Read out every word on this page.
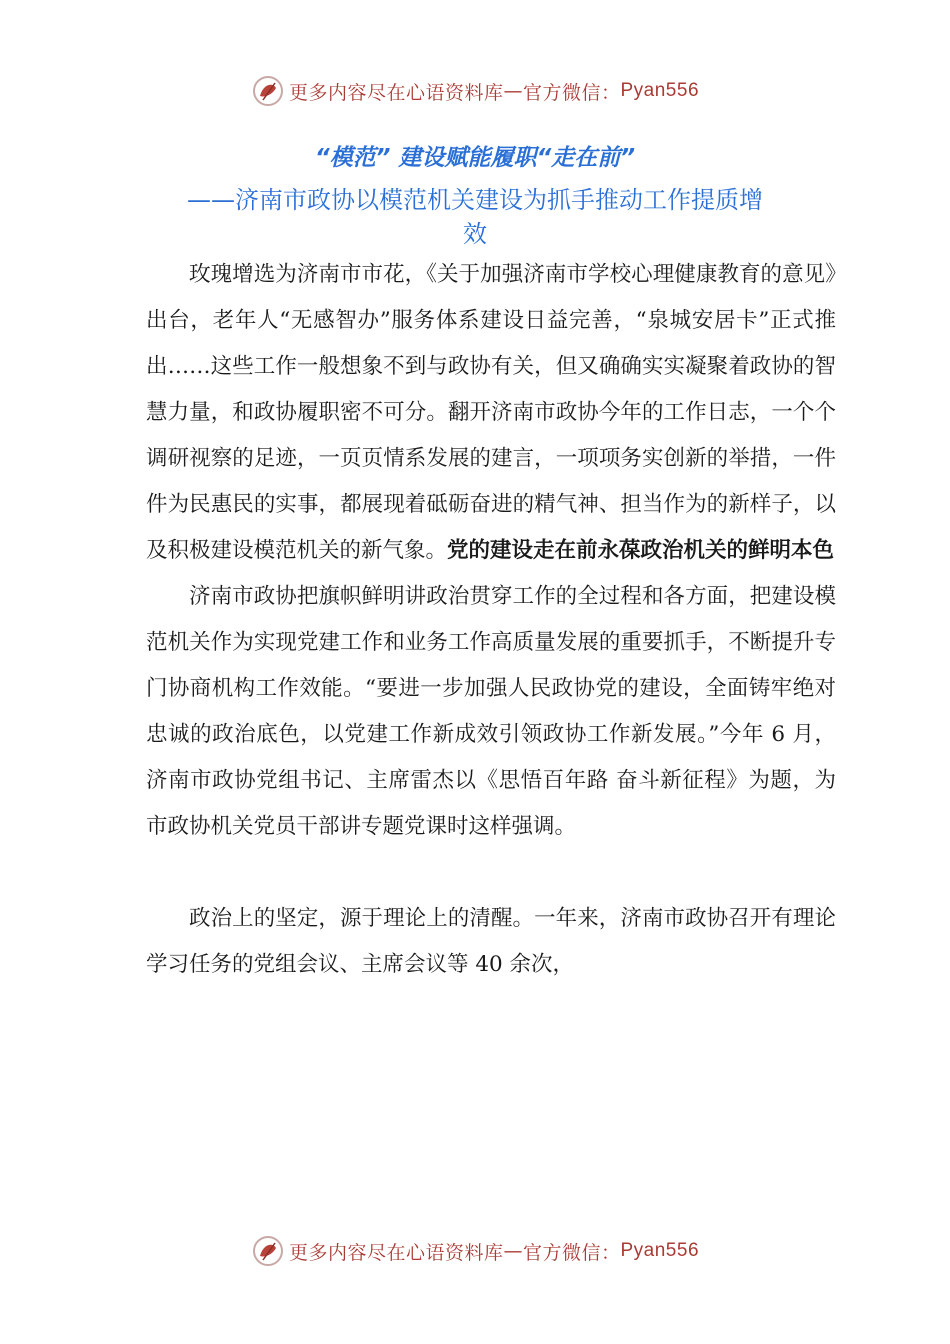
更多内容尽在心语资料库 — 官方微信： Pyan556
“模范” 建设赋能履职“走在前”
——济南市政协以模范机关建设为抓手推动工作提质增
效

玫瑰增选为济南市市花，《关于加强济南市学校心理健康教育的意见》出台，老年人“无感智办”服务体系建设日益完善，“泉城安居卡”正式推出……这些工作一般想象不到与政协有关，但又确确实实凝聚着政协的智慧力量，和政协履职密不可分。翻开济南市政协今年的工作日志，一个个调研视察的足迹，一页页情系发展的建言，一项项务实创新的举措，一件件为民惠民的实事，都展现着砥砺奋进的精气神、担当作为的新样子，以及积极建设模范机关的新气象。党的建设走在前永葆政治机关的鲜明本色

济南市政协把旗帜鲜明讲政治贯穿工作的全过程和各方面，把建设模范机关作为实现党建工作和业务工作高质量发展的重要抓手，不断提升专门协商机构工作效能。“要进一步加强人民政协党的建设，全面铸牢绝对忠诚的政治底色，以党建工作新成效引领政协工作新发展。”今年 6 月，济南市政协党组书记、主席雷杰以《思悟百年路 奋斗新征程》为题，为市政协机关党员干部讲专题党课时这样强调。

政治上的坚定，源于理论上的清醒。一年来，济南市政协召开有理论学习任务的党组会议、主席会议等 40 余次，

更多内容尽在心语资料库 — 官方微信： Pyan556
